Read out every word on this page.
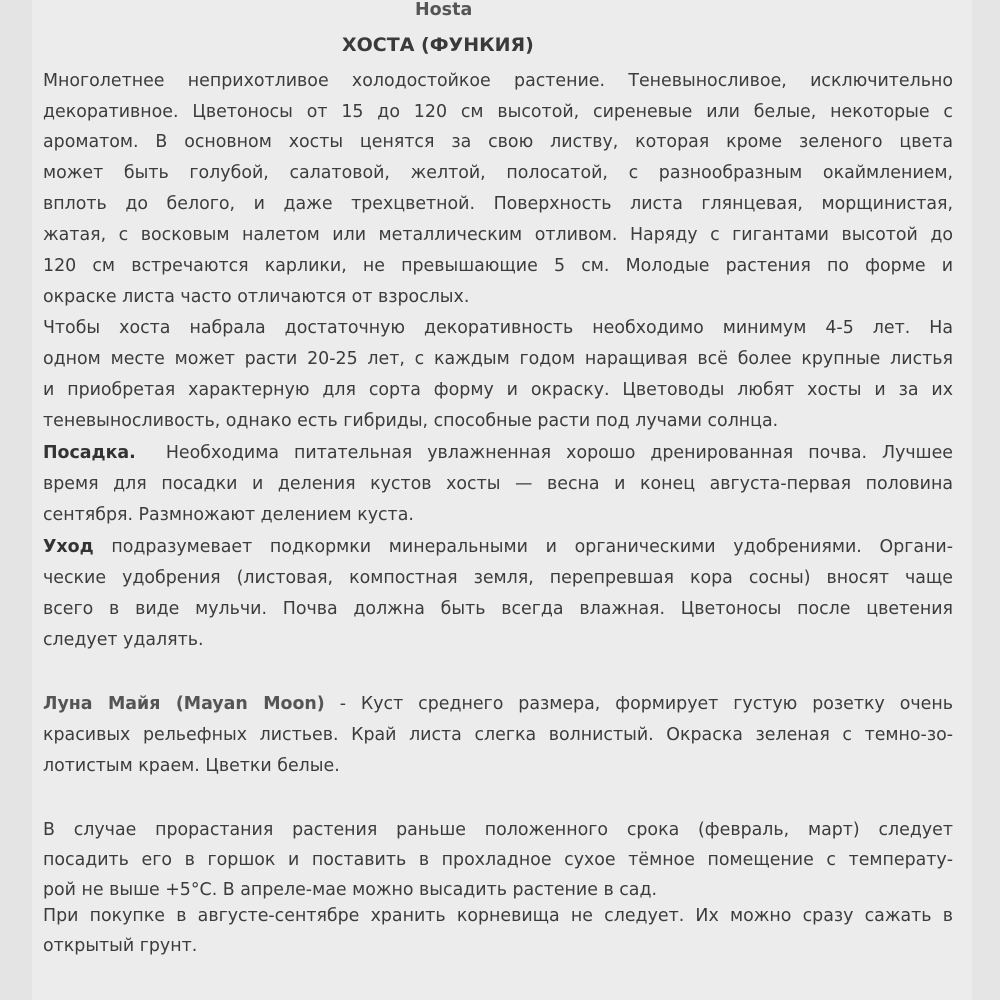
Hosta
ХОСТА (ФУНКИЯ)
Многолетнее неприхотливое холодостойкое растение. Теневыносливое, исключительно
декоративное. Цветоносы от 15 до 120 см высотой, сиреневые или белые, некоторые с
ароматом. В основном хосты ценятся за свою листву, которая кроме зеленого цвета
может быть голубой, салатовой, желтой, полосатой, с разнообразным окаймлением,
вплоть до белого, и даже трехцветной. Поверхность листа глянцевая, морщинистая,
жатая, с восковым налетом или металлическим отливом. Наряду с гигантами высотой до
120 см встречаются карлики, не превышающие 5 см. Молодые растения по форме и
окраске листа часто отличаются от взрослых.
Чтобы хоста набрала достаточную декоративность необходимо минимум 4-5 лет. На
одном месте может расти 20-25 лет, с каждым годом наращивая всё более крупные листья
и приобретая характерную для сорта форму и окраску. Цветоводы любят хосты и за их
теневыносливость, однако есть гибриды, способные расти под лучами солнца.
Посадка. Необходима питательная увлажненная хорошо дренированная почва. Лучшее
время для посадки и деления кустов хосты — весна и конец августа-первая половина
сентября. Размножают делением куста.
Уход подразумевает подкормки минеральными и органическими удобрениями. Органи-
ческие удобрения (листовая, компостная земля, перепревшая кора сосны) вносят чаще
всего в виде мульчи. Почва должна быть всегда влажная. Цветоносы после цветения
следует удалять.
Луна Майя (Mayan Moon) - Куст среднего размера, формирует густую розетку очень
красивых рельефных листьев. Край листа слегка волнистый. Окраска зеленая с темно-зо-
лотистым краем. Цветки белые.
В случае прорастания растения раньше положенного срока (февраль, март) следует
посадить его в горшок и поставить в прохладное сухое тёмное помещение с температу-
рой не выше +5°С. В апреле-мае можно высадить растение в сад.
При покупке в августе-сентябре хранить корневища не следует. Их можно сразу сажать в
открытый грунт.
